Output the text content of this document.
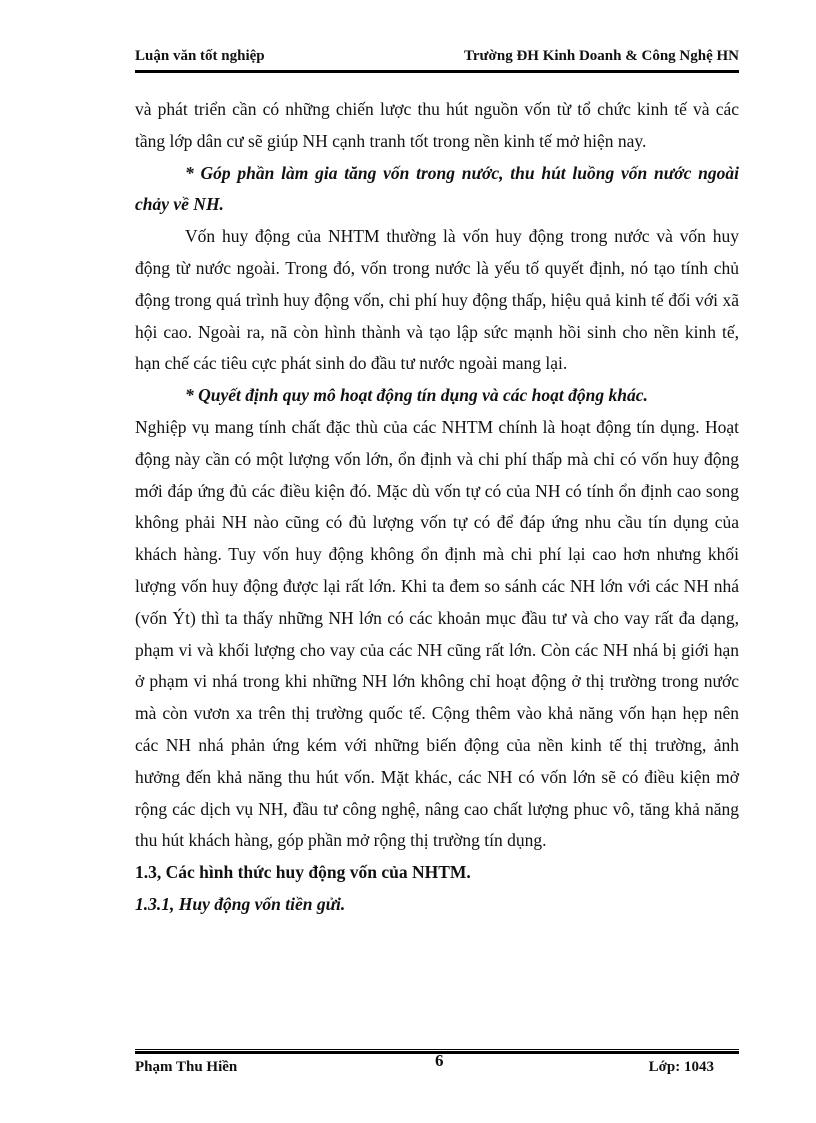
Luận văn tốt nghiệp	Trường ĐH Kinh Doanh & Công Nghệ HN

và phát triển cần có những chiến lược thu hút nguồn vốn từ tổ chức kinh tế và các tầng lớp dân cư sẽ giúp NH cạnh tranh tốt trong nền kinh tế mở hiện nay.

* Góp phần làm gia tăng vốn trong nước, thu hút luồng vốn nước ngoài chảy về NH.

Vốn huy động của NHTM thường là vốn huy động trong nước và vốn huy động từ nước ngoài. Trong đó, vốn trong nước là yếu tố quyết định, nó tạo tính chủ động trong quá trình huy động vốn, chi phí huy động thấp, hiệu quả kinh tế đối với xã hội cao. Ngoài ra, nã còn hình thành và tạo lập sức mạnh hồi sinh cho nền kinh tế, hạn chế các tiêu cực phát sinh do đầu tư nước ngoài mang lại.

* Quyết định quy mô hoạt động tín dụng và các hoạt động khác.

Nghiệp vụ mang tính chất đặc thù của các NHTM chính là hoạt động tín dụng. Hoạt động này cần có một lượng vốn lớn, ổn định và chi phí thấp mà chỉ có vốn huy động mới đáp ứng đủ các điều kiện đó. Mặc dù vốn tự có của NH có tính ổn định cao song không phải NH nào cũng có đủ lượng vốn tự có để đáp ứng nhu cầu tín dụng của khách hàng. Tuy vốn huy động không ổn định mà chi phí lại cao hơn nhưng khối lượng vốn huy động được lại rất lớn. Khi ta đem so sánh các NH lớn với các NH nhá (vốn Ýt) thì ta thấy những NH lớn có các khoản mục đầu tư và cho vay rất đa dạng, phạm vi và khối lượng cho vay của các NH cũng rất lớn. Còn các NH nhá bị giới hạn ở phạm vi nhá trong khi những NH lớn không chỉ hoạt động ở thị trường trong nước mà còn vươn xa trên thị trường quốc tế. Cộng thêm vào khả năng vốn hạn hẹp nên các NH nhá phản ứng kém với những biến động của nền kinh tế thị trường, ảnh hưởng đến khả năng thu hút vốn. Mặt khác, các NH có vốn lớn sẽ có điều kiện mở rộng các dịch vụ NH, đầu tư công nghệ, nâng cao chất lượng phuc vô, tăng khả năng thu hút khách hàng, góp phần mở rộng thị trường tín dụng.

1.3, Các hình thức huy động vốn của NHTM.

1.3.1, Huy động vốn tiền gửi.

Phạm Thu Hiền	6	Lớp: 1043
